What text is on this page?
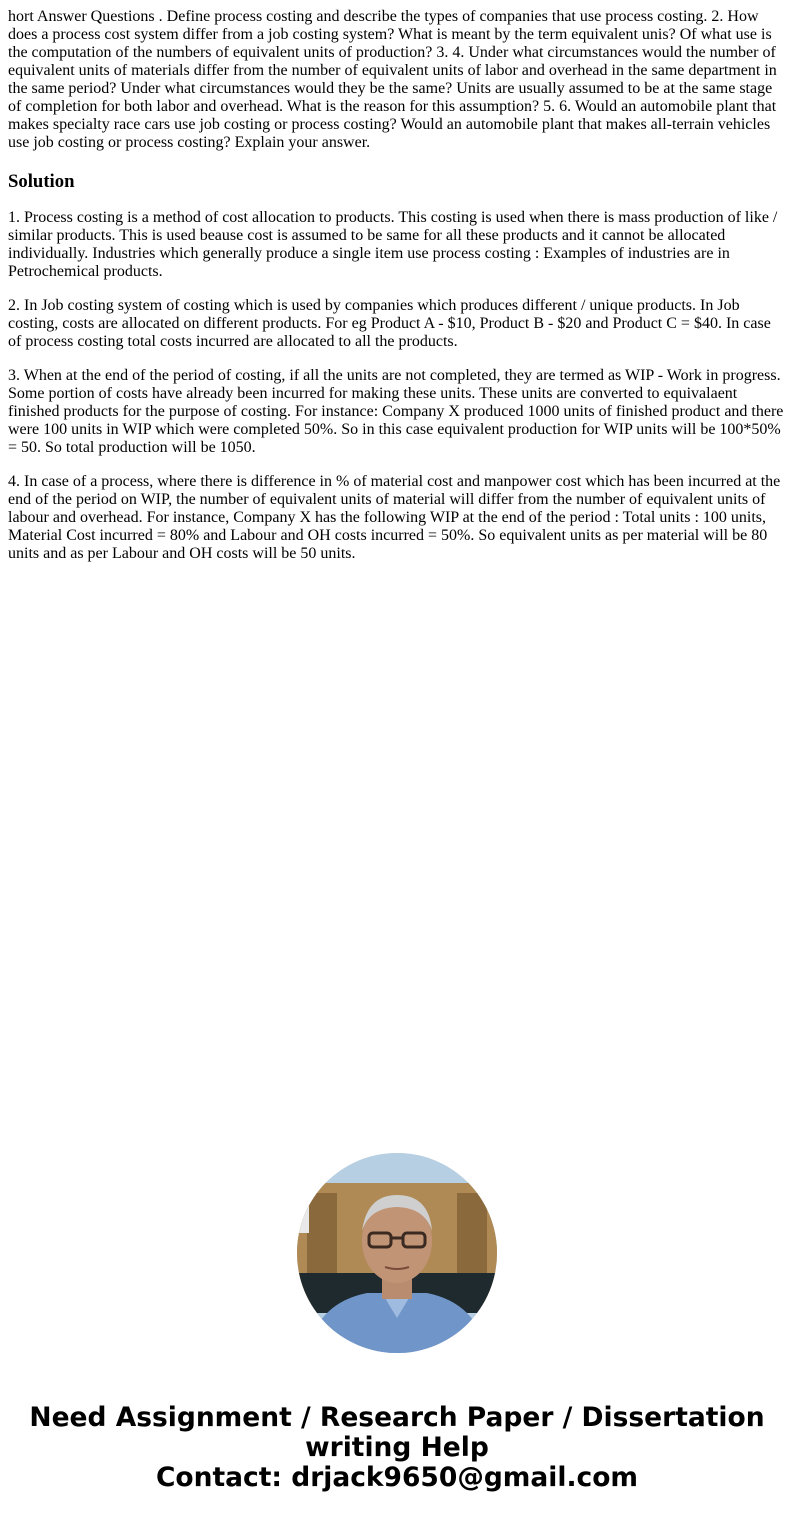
hort Answer Questions . Define process costing and describe the types of companies that use process costing. 2. How does a process cost system differ from a job costing system? What is meant by the term equivalent unis? Of what use is the computation of the numbers of equivalent units of production? 3. 4. Under what circumstances would the number of equivalent units of materials differ from the number of equivalent units of labor and overhead in the same department in the same period? Under what circumstances would they be the same? Units are usually assumed to be at the same stage of completion for both labor and overhead. What is the reason for this assumption? 5. 6. Would an automobile plant that makes specialty race cars use job costing or process costing? Would an automobile plant that makes all-terrain vehicles use job costing or process costing? Explain your answer.

Solution

1. Process costing is a method of cost allocation to products. This costing is used when there is mass production of like / similar products. This is used beause cost is assumed to be same for all these products and it cannot be allocated individually. Industries which generally produce a single item use process costing : Examples of industries are in Petrochemical products.

2. In Job costing system of costing which is used by companies which produces different / unique products. In Job costing, costs are allocated on different products. For eg Product A - $10, Product B - $20 and Product C = $40. In case of process costing total costs incurred are allocated to all the products.

3. When at the end of the period of costing, if all the units are not completed, they are termed as WIP - Work in progress. Some portion of costs have already been incurred for making these units. These units are converted to equivalaent finished products for the purpose of costing. For instance: Company X produced 1000 units of finished product and there were 100 units in WIP which were completed 50%. So in this case equivalent production for WIP units will be 100*50% = 50. So total production will be 1050.

4. In case of a process, where there is difference in % of material cost and manpower cost which has been incurred at the end of the period on WIP, the number of equivalent units of material will differ from the number of equivalent units of labour and overhead. For instance, Company X has the following WIP at the end of the period : Total units : 100 units, Material Cost incurred = 80% and Labour and OH costs incurred = 50%. So equivalent units as per material will be 80 units and as per Labour and OH costs will be 50 units.

Need Assignment / Research Paper / Dissertation
writing Help
Contact: drjack9650@gmail.com
